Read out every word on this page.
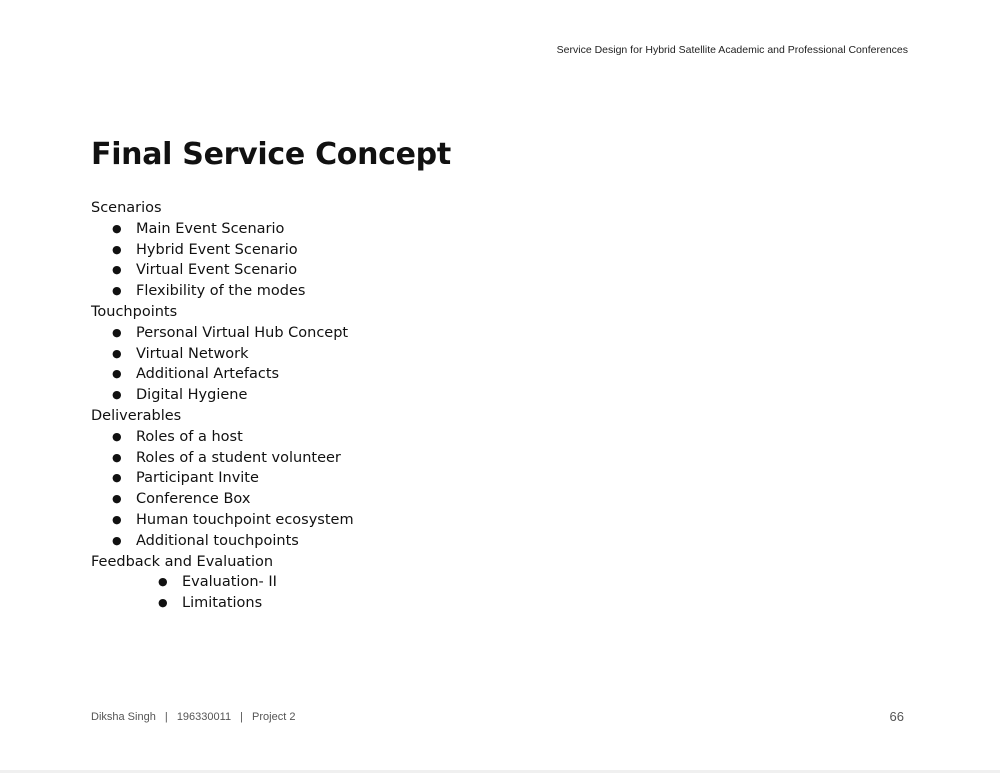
Service Design for Hybrid Satellite Academic and Professional Conferences
Final Service Concept
Scenarios
● Main Event Scenario
● Hybrid Event Scenario
● Virtual Event Scenario
● Flexibility of the modes
Touchpoints
● Personal Virtual Hub Concept
● Virtual Network
● Additional Artefacts
● Digital Hygiene
Deliverables
● Roles of a host
● Roles of a student volunteer
● Participant Invite
● Conference Box
● Human touchpoint ecosystem
● Additional touchpoints
Feedback and Evaluation
● Evaluation- II
● Limitations
Diksha Singh | 196330011 | Project 2	66
